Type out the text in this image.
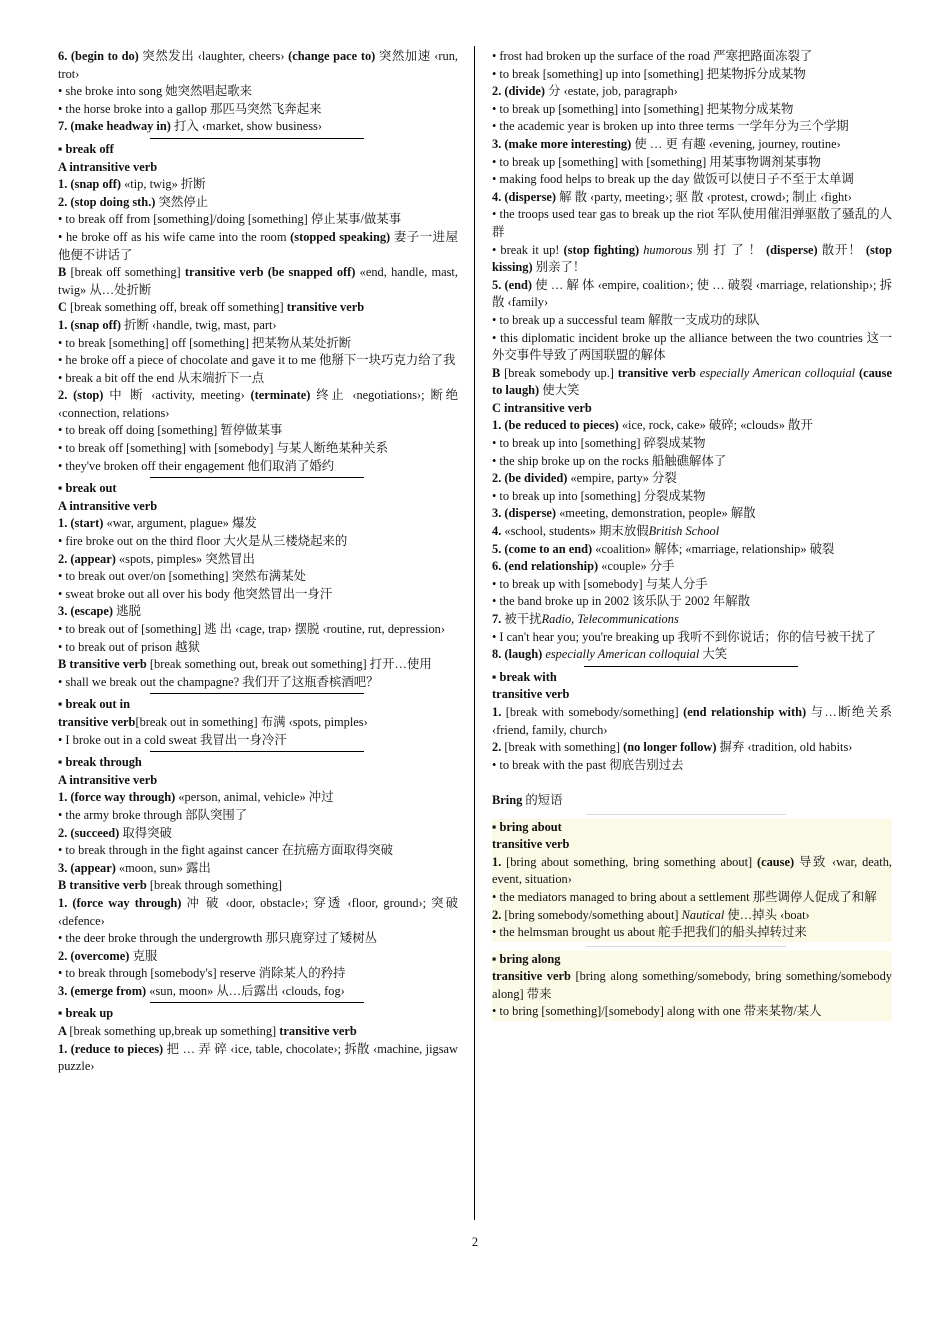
6. (begin to do) 突然发出 ‹laughter, cheers› (change pace to) 突然加速 ‹run, trot›

• she broke into song 她突然唱起歌来

• the horse broke into a gallop 那匹马突然飞奔起来

7. (make headway in) 打入 ‹market, show business›

▪ break off

A intransitive verb

1. (snap off) «tip, twig» 折断

2. (stop doing sth.) 突然停止

• to break off from [something]/doing [something] 停止某事/做某事

• he broke off as his wife came into the room (stopped speaking) 妻子一进屋他便不讲话了

B [break off something] transitive verb (be snapped off) «end, handle, mast, twig» 从…处折断

C [break something off, break off something] transitive verb

1. (snap off) 折断 ‹handle, twig, mast, part›

• to break [something] off [something] 把某物从某处折断

• he broke off a piece of chocolate and gave it to me 他掰下一块巧克力给了我

• break a bit off the end 从末端折下一点

2. (stop) 中 断 ‹activity, meeting› (terminate) 终止 ‹negotiations›; 断绝 ‹connection, relations›

• to break off doing [something] 暂停做某事

• to break off [something] with [somebody] 与某人断绝某种关系

• they've broken off their engagement 他们取消了婚约

▪ break out

A intransitive verb

1. (start) «war, argument, plague» 爆发

• fire broke out on the third floor 大火是从三楼烧起来的

2. (appear) «spots, pimples» 突然冒出

• to break out over/on [something] 突然布满某处

• sweat broke out all over his body 他突然冒出一身汗

3. (escape) 逃脱

• to break out of [something] 逃 出 ‹cage, trap› 摆脱 ‹routine, rut, depression›

• to break out of prison 越狱

B transitive verb [break something out, break out something] 打开…使用

• shall we break out the champagne? 我们开了这瓶香槟酒吧？

▪ break out in

transitive verb[break out in something] 布满 ‹spots, pimples›

• I broke out in a cold sweat 我冒出一身冷汗

▪ break through

A intransitive verb

1. (force way through) «person, animal, vehicle» 冲过

• the army broke through 部队突围了

2. (succeed) 取得突破

• to break through in the fight against cancer 在抗癌方面取得突破

3. (appear) «moon, sun» 露出

B transitive verb [break through something]

1. (force way through) 冲 破 ‹door, obstacle›; 穿透 ‹floor, ground›; 突破 ‹defence›

• the deer broke through the undergrowth 那只鹿穿过了矮树丛

2. (overcome) 克服

• to break through [somebody's] reserve 消除某人的矜持

3. (emerge from) «sun, moon» 从…后露出 ‹clouds, fog›

▪ break up

A [break something up,break up something] transitive verb

1. (reduce to pieces) 把 … 弄 碎 ‹ice, table, chocolate›; 拆散 ‹machine, jigsaw puzzle›

• frost had broken up the surface of the road 严寒把路面冻裂了

• to break [something] up into [something] 把某物拆分成某物

2. (divide) 分 ‹estate, job, paragraph›

• to break up [something] into [something] 把某物分成某物

• the academic year is broken up into three terms 一学年分为三个学期

3. (make more interesting) 使 … 更 有趣 ‹evening, journey, routine›

• to break up [something] with [something] 用某事物调剂某事物

• making food helps to break up the day 做饭可以使日子不至于太单调

4. (disperse) 解 散 ‹party, meeting›; 驱 散 ‹protest, crowd›; 制止 ‹fight›

• the troops used tear gas to break up the riot 军队使用催泪弹驱散了骚乱的人群

• break it up! (stop fighting) humorous 别 打 了 ！ (disperse) 散开！ (stop kissing) 别亲了！

5. (end) 使 … 解 体 ‹empire, coalition›; 使 … 破裂 ‹marriage, relationship›; 拆散 ‹family›

• to break up a successful team 解散一支成功的球队

• this diplomatic incident broke up the alliance between the two countries 这一外交事件导致了两国联盟的解体

B [break somebody up.] transitive verb especially American colloquial (cause to laugh) 使大笑

C intransitive verb

1. (be reduced to pieces) «ice, rock, cake» 破碎; «clouds» 散开

• to break up into [something] 碎裂成某物

• the ship broke up on the rocks 船触礁解体了

2. (be divided) «empire, party» 分裂

• to break up into [something] 分裂成某物

3. (disperse) «meeting, demonstration, people» 解散

4. «school, students» 期末放假British School

5. (come to an end) «coalition» 解体; «marriage, relationship» 破裂

6. (end relationship) «couple» 分手

• to break up with [somebody] 与某人分手

• the band broke up in 2002 该乐队于 2002 年解散

7. 被干扰Radio, Telecommunications

• I can't hear you; you're breaking up 我听不到你说话；你的信号被干扰了

8. (laugh) especially American colloquial 大笑

▪ break with

transitive verb

1. [break with somebody/something] (end relationship with) 与…断绝关系 ‹friend, family, church›

2. [break with something] (no longer follow) 摒弃 ‹tradition, old habits›

• to break with the past 彻底告别过去

Bring 的短语

▪ bring about

transitive verb

1. [bring about something, bring something about] (cause) 导致 ‹war, death, event, situation›

• the mediators managed to bring about a settlement 那些调停人促成了和解

2. [bring somebody/something about] Nautical 使…掉头 ‹boat›

• the helmsman brought us about 舵手把我们的船头掉转过来

▪ bring along

transitive verb [bring along something/somebody, bring something/somebody along] 带来

• to bring [something]/[somebody] along with one 带来某物/某人

2
